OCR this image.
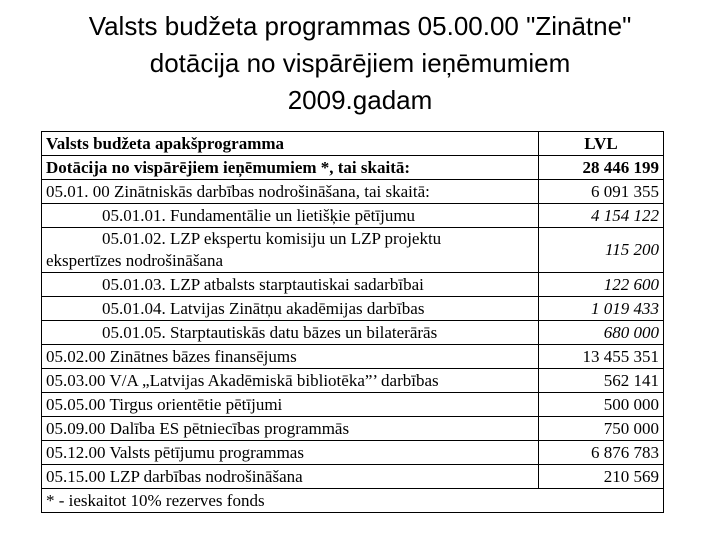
Valsts budžeta programmas 05.00.00 "Zinātne"
dotācija no vispārējiem ieņēmumiem
2009.gadam
Valsts budžeta apakšprogramma	LVL
Dotācija no vispārējiem ieņēmumiem *, tai skaitā:	28 446 199
05.01. 00 Zinātniskās darbības nodrošināšana, tai skaitā:	6 091 355
05.01.01. Fundamentālie un lietišķie pētījumu	4 154 122

05.01.02. LZP ekspertu komisiju un LZP projektu
ekspertīzes nodrošināšana	115 200
05.01.03. LZP atbalsts starptautiskai sadarbībai	122 600
05.01.04. Latvijas Zinātņu akadēmijas darbības	1 019 433
05.01.05. Starptautiskās datu bāzes un bilaterārās	680 000
05.02.00 Zinātnes bāzes finansējums	13 455 351
05.03.00 V/A „Latvijas Akadēmiskā bibliotēka”’ darbības	562 141
05.05.00 Tirgus orientētie pētījumi	500 000
05.09.00 Dalība ES pētniecības programmās	750 000
05.12.00 Valsts pētījumu programmas	6 876 783
05.15.00 LZP darbības nodrošināšana	210 569
* - ieskaitot 10% rezerves fonds	
